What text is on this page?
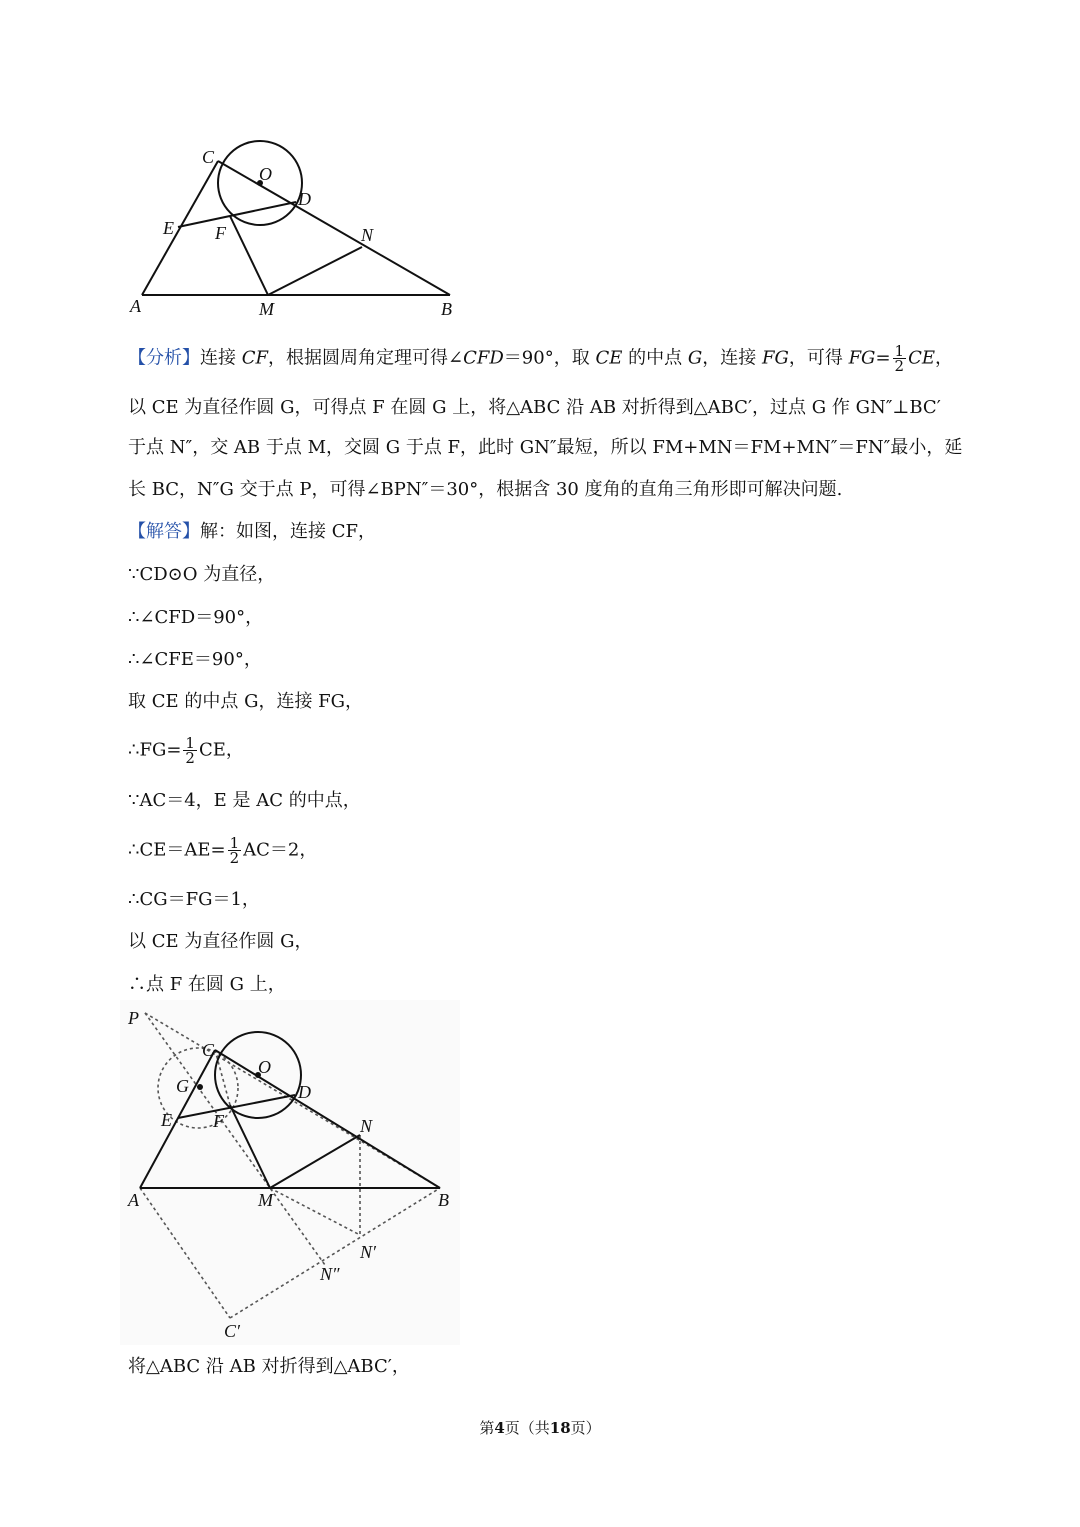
C
O
D
E F	N
A	M	B
【分析】连接 CF，根据圆周角定理可得∠CFD＝90°，取 CE 的中点 G，连接 FG，可得 $FG= \frac{1}{2}$ CE，
以 CE 为直径作圆 G，可得点 F 在圆 G 上，将△ABC 沿 AB 对折得到△ABC′，过点 G 作 GN″⊥BC′
于点 N″，交 AB 于点 M，交圆 G 于点 F，此时 GN″最短，所以 FM+MN＝FM+MN″＝FN″最小，延
长 BC，N″G 交于点 P，可得∠BPN″＝30°，根据含 30 度角的直角三角形即可解决问题.
【解答】解：如图，连接 CF，
∵CD⊙O 为直径，
∴∠CFD＝90°，
∴∠CFE＝90°，
取 CE 的中点 G，连接 FG，
∴FG= $\frac{1}{2}$ CE，
∵AC＝4，E 是 AC 的中点，
∴CE＝AE= $\frac{1}{2} AC=2$，
∴CG＝FG＝1，
以 CE 为直径作圆 G，
∴点 F 在圆 G 上，
P
C
G
O
D
E F	N
A	M	B
N′
N″
C′
将△ABC 沿 AB 对折得到△ABC′，
第4页（共18页）
